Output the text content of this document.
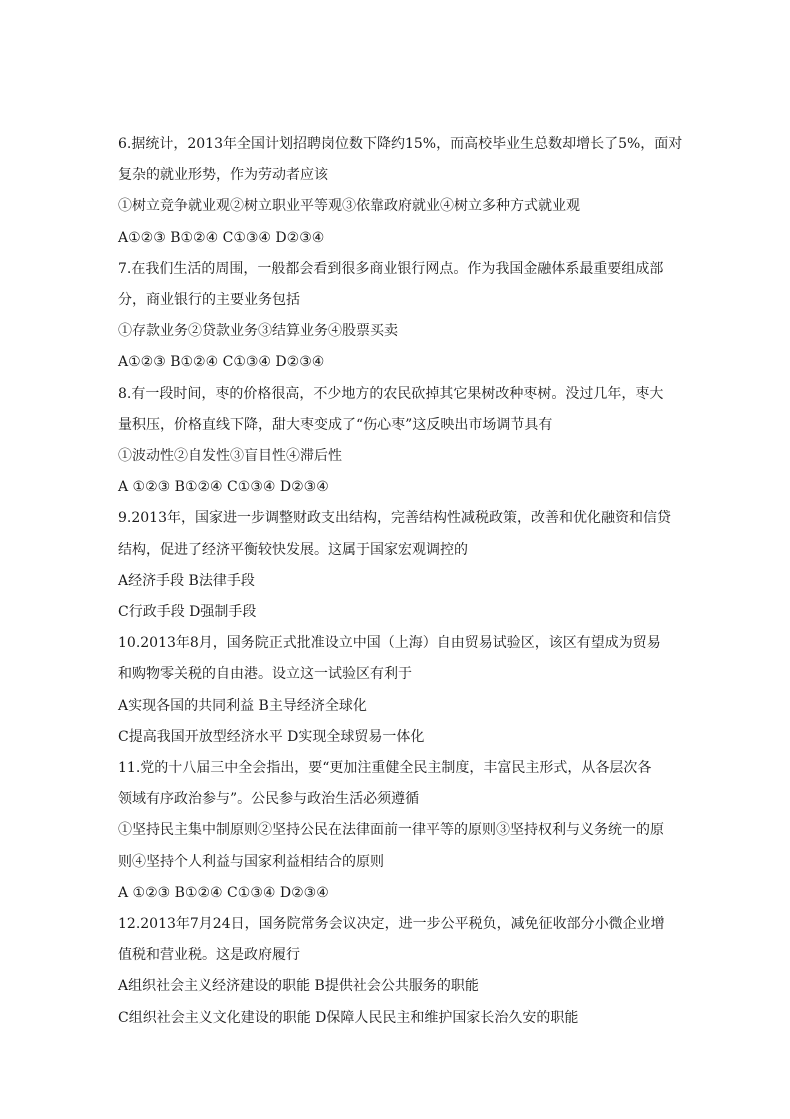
6.据统计，2013年全国计划招聘岗位数下降约15%，而高校毕业生总数却增长了5%，面对
复杂的就业形势，作为劳动者应该
①树立竞争就业观②树立职业平等观③依靠政府就业④树立多种方式就业观
A①②③ B①②④ C①③④ D②③④
7.在我们生活的周围，一般都会看到很多商业银行网点。作为我国金融体系最重要组成部
分，商业银行的主要业务包括
①存款业务②贷款业务③结算业务④股票买卖
A①②③ B①②④ C①③④ D②③④
8.有一段时间，枣的价格很高，不少地方的农民砍掉其它果树改种枣树。没过几年，枣大
量积压，价格直线下降，甜大枣变成了“伤心枣”这反映出市场调节具有
①波动性②自发性③盲目性④滞后性
A ①②③ B①②④ C①③④ D②③④
9.2013年，国家进一步调整财政支出结构，完善结构性减税政策，改善和优化融资和信贷
结构，促进了经济平衡较快发展。这属于国家宏观调控的
A经济手段 B法律手段
C行政手段 D强制手段
10.2013年8月，国务院正式批准设立中国（上海）自由贸易试验区，该区有望成为贸易
和购物零关税的自由港。设立这一试验区有利于
A实现各国的共同利益 B主导经济全球化
C提高我国开放型经济水平 D实现全球贸易一体化
11.党的十八届三中全会指出，要“更加注重健全民主制度，丰富民主形式，从各层次各
领域有序政治参与”。公民参与政治生活必须遵循
①坚持民主集中制原则②坚持公民在法律面前一律平等的原则③坚持权利与义务统一的原
则④坚持个人利益与国家利益相结合的原则
A ①②③ B①②④ C①③④ D②③④
12.2013年7月24日，国务院常务会议决定，进一步公平税负，减免征收部分小微企业增
值税和营业税。这是政府履行
A组织社会主义经济建设的职能 B提供社会公共服务的职能
C组织社会主义文化建设的职能 D保障人民民主和维护国家长治久安的职能
